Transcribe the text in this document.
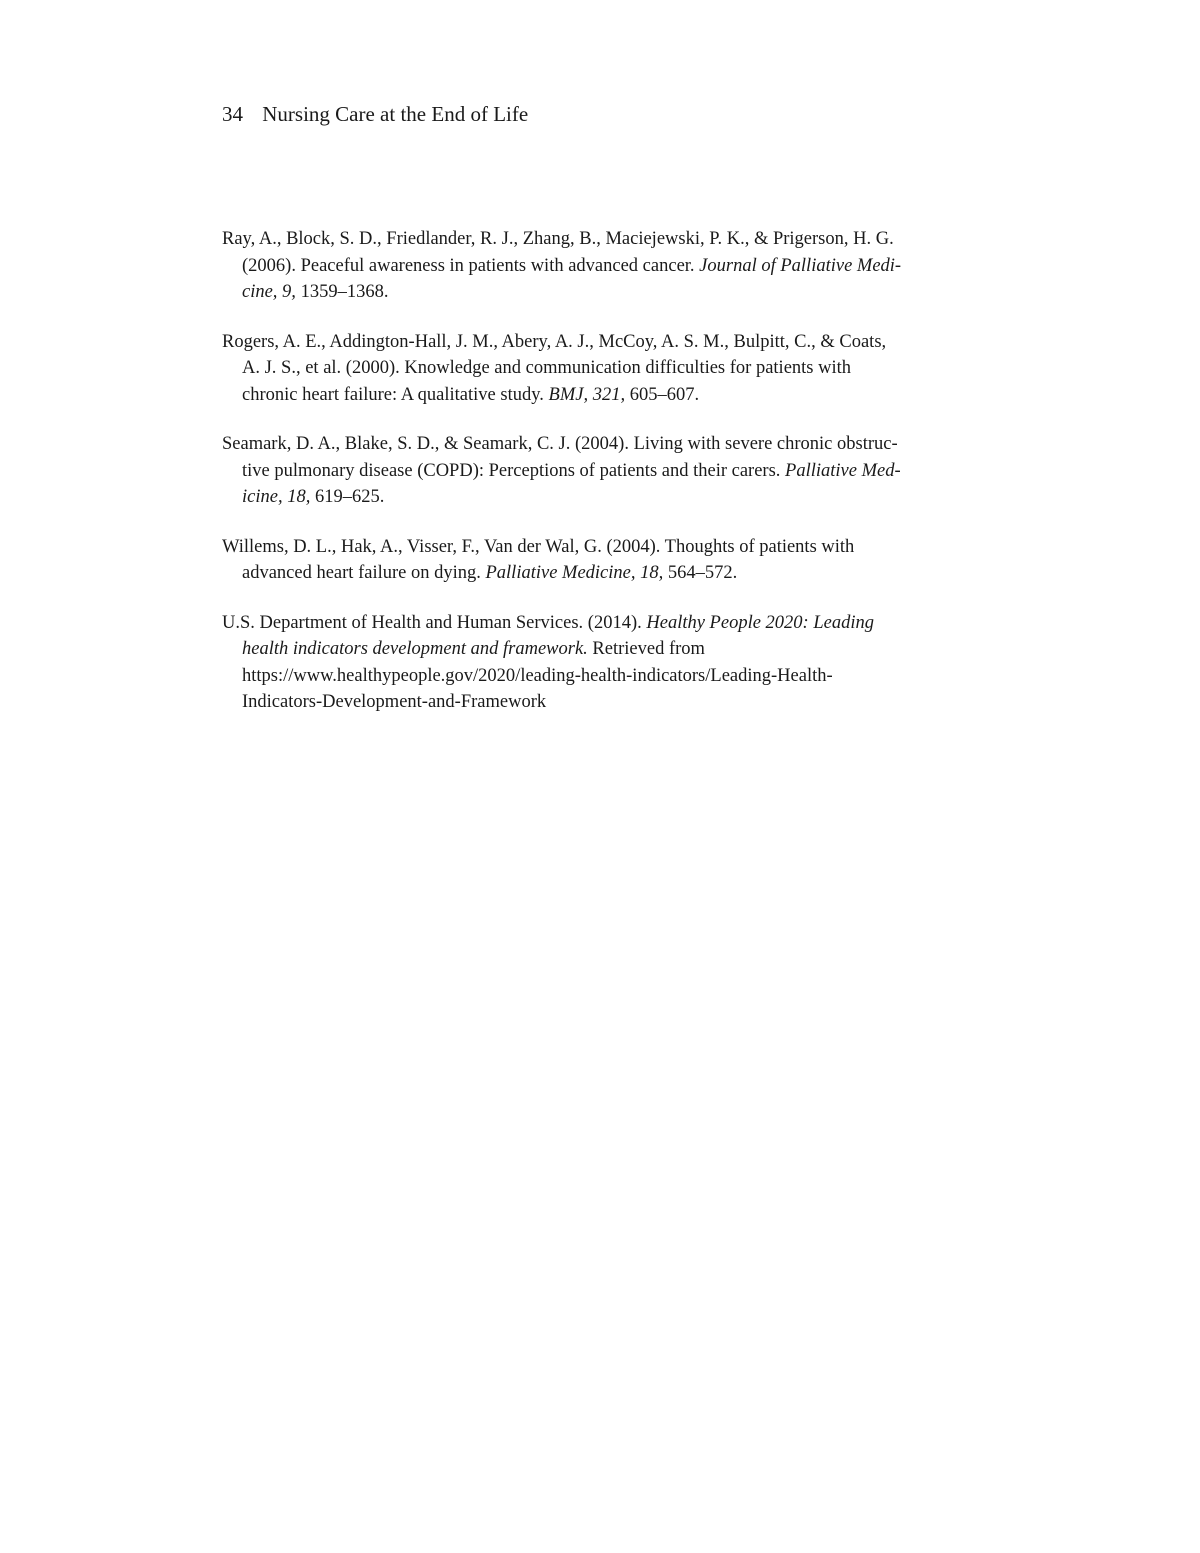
34 Nursing Care at the End of Life
Ray, A., Block, S. D., Friedlander, R. J., Zhang, B., Maciejewski, P. K., & Prigerson, H. G.
(2006). Peaceful awareness in patients with advanced cancer. Journal of Palliative Medi-
cine, 9, 1359–1368.
Rogers, A. E., Addington-Hall, J. M., Abery, A. J., McCoy, A. S. M., Bulpitt, C., & Coats,
A. J. S., et al. (2000). Knowledge and communication difficulties for patients with
chronic heart failure: A qualitative study. BMJ, 321, 605–607.
Seamark, D. A., Blake, S. D., & Seamark, C. J. (2004). Living with severe chronic obstruc-
tive pulmonary disease (COPD): Perceptions of patients and their carers. Palliative Med-
icine, 18, 619–625.
Willems, D. L., Hak, A., Visser, F., Van der Wal, G. (2004). Thoughts of patients with
advanced heart failure on dying. Palliative Medicine, 18, 564–572.
U.S. Department of Health and Human Services. (2014). Healthy People 2020: Leading
health indicators development and framework. Retrieved from
https://www.healthypeople.gov/2020/leading-health-indicators/Leading-Health-
Indicators-Development-and-Framework
